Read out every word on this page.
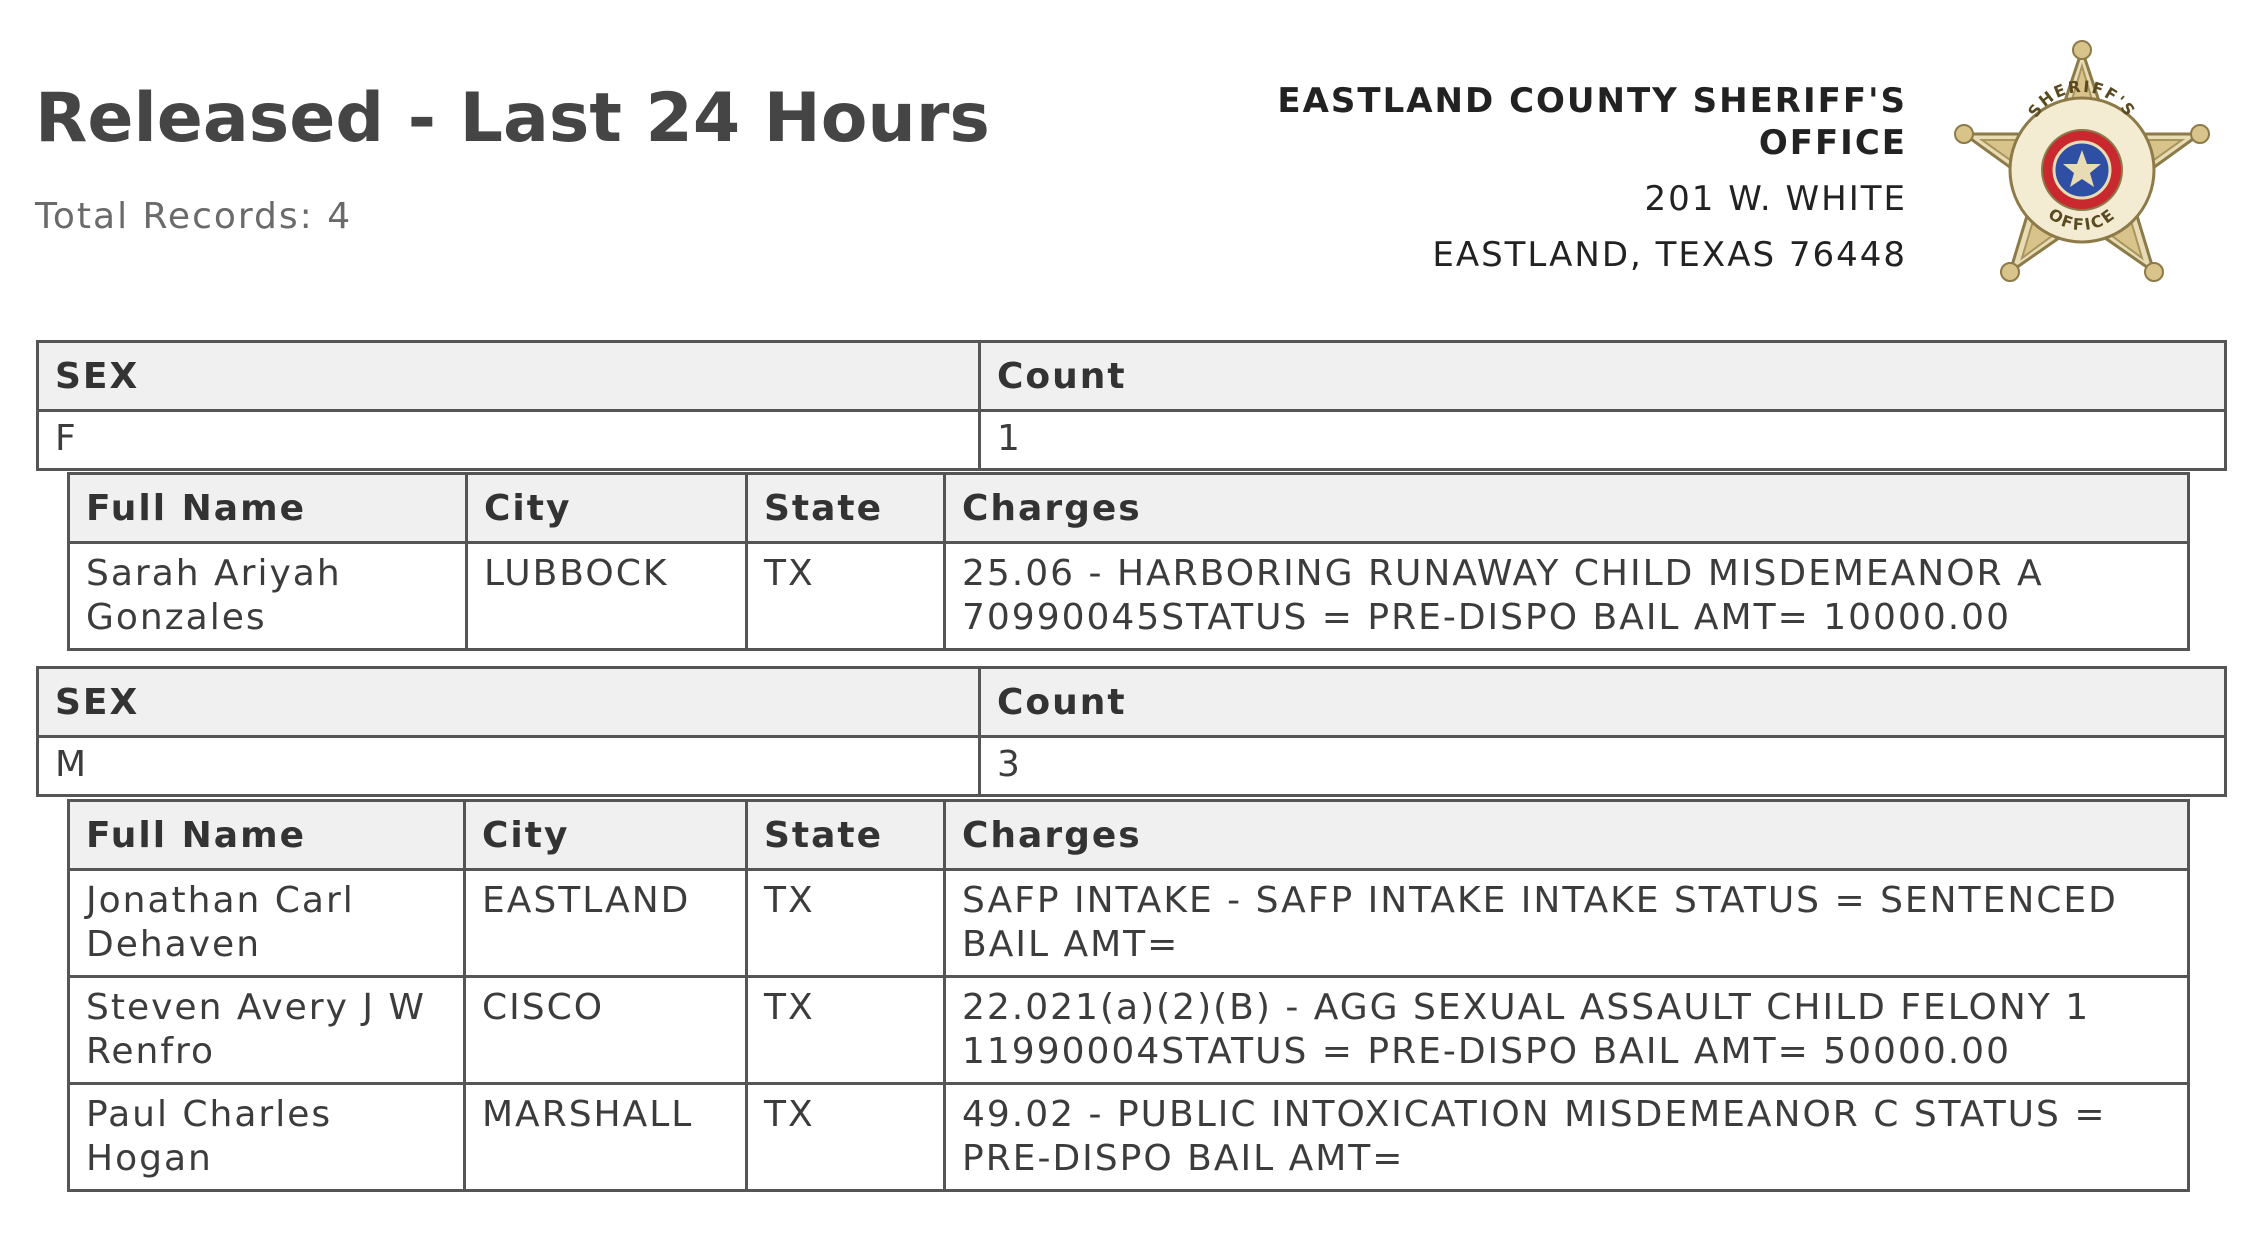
Released - Last 24 Hours
Total Records: 4
EASTLAND COUNTY SHERIFF'S
OFFICE
201 W. WHITE
EASTLAND, TEXAS 76448
SHERIFF'S
OFFICE
SEX	Count
F	1
Full Name	City	State	Charges
Sarah Ariyah Gonzales	LUBBOCK	TX	25.06 - HARBORING RUNAWAY CHILD MISDEMEANOR A 70990045STATUS = PRE-DISPO BAIL AMT= 10000.00
SEX	Count
M	3
Full Name	City	State	Charges
Jonathan Carl Dehaven	EASTLAND	TX	SAFP INTAKE - SAFP INTAKE INTAKE STATUS = SENTENCED BAIL AMT=
Steven Avery J W Renfro	CISCO	TX	22.021(a)(2)(B) - AGG SEXUAL ASSAULT CHILD FELONY 1 11990004STATUS = PRE-DISPO BAIL AMT= 50000.00
Paul Charles Hogan	MARSHALL	TX	49.02 - PUBLIC INTOXICATION MISDEMEANOR C STATUS = PRE-DISPO BAIL AMT=
